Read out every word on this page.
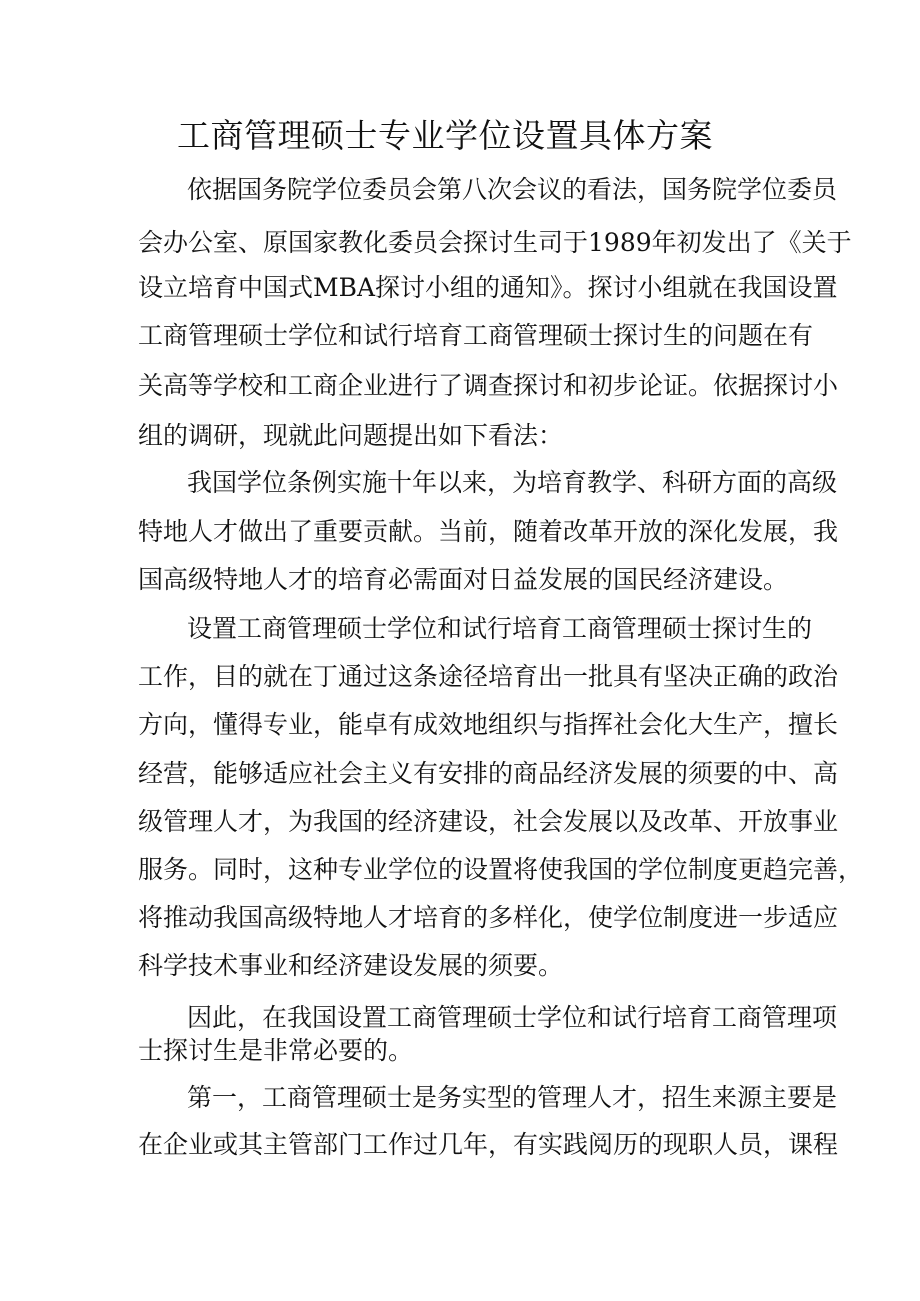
工商管理硕士专业学位设置具体方案
依据国务院学位委员会第八次会议的看法，国务院学位委员
会办公室、原国家教化委员会探讨生司于1989年初发出了《关于
设立培育中国式MBA探讨小组的通知》。探讨小组就在我国设置
工商管理硕士学位和试行培育工商管理硕士探讨生的问题在有
关高等学校和工商企业进行了调查探讨和初步论证。依据探讨小
组的调研，现就此问题提出如下看法：
我国学位条例实施十年以来，为培育教学、科研方面的高级
特地人才做出了重要贡献。当前，随着改革开放的深化发展，我
国高级特地人才的培育必需面对日益发展的国民经济建设。
设置工商管理硕士学位和试行培育工商管理硕士探讨生的
工作，目的就在丁通过这条途径培育出一批具有坚决正确的政治
方向，懂得专业，能卓有成效地组织与指挥社会化大生产，擅长
经营，能够适应社会主义有安排的商品经济发展的须要的中、高
级管理人才，为我国的经济建设，社会发展以及改革、开放事业
服务。同时，这种专业学位的设置将使我国的学位制度更趋完善，
将推动我国高级特地人才培育的多样化，使学位制度进一步适应
科学技术事业和经济建设发展的须要。
因此，在我国设置工商管理硕士学位和试行培育工商管理项
士探讨生是非常必要的。
第一，工商管理硕士是务实型的管理人才，招生来源主要是
在企业或其主管部门工作过几年，有实践阅历的现职人员，课程
